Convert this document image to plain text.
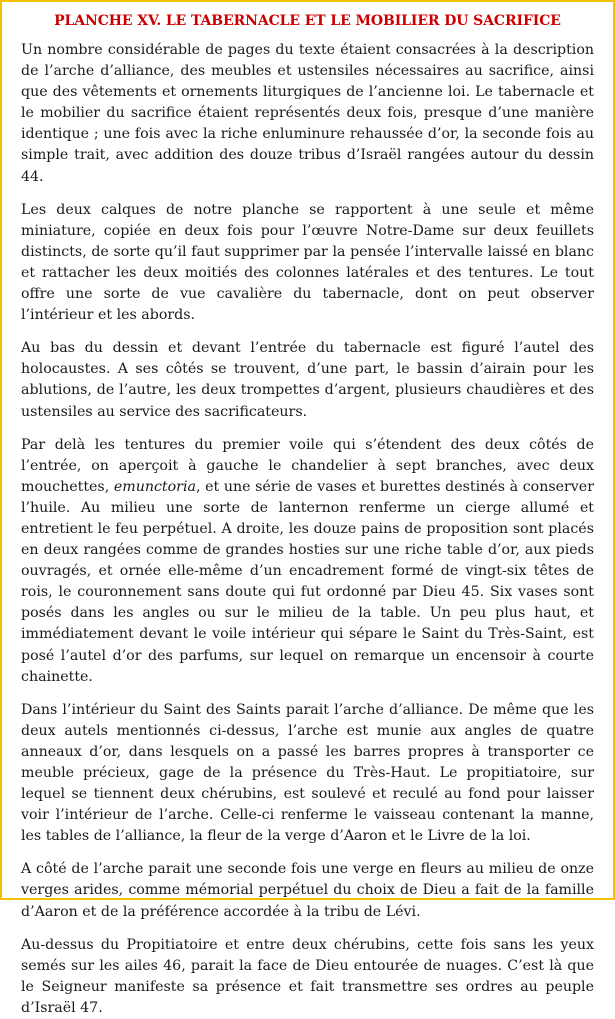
PLANCHE XV. LE TABERNACLE ET LE MOBILIER DU SACRIFICE

Un nombre considérable de pages du texte étaient consacrées à la description de l’arche d’alliance, des meubles et ustensiles nécessaires au sacrifice, ainsi que des vêtements et ornements liturgiques de l’ancienne loi. Le tabernacle et le mobilier du sacrifice étaient représentés deux fois, presque d’une manière identique ; une fois avec la riche enluminure rehaussée d’or, la seconde fois au simple trait, avec addition des douze tribus d’Israël rangées autour du dessin 44.

Les deux calques de notre planche se rapportent à une seule et même miniature, copiée en deux fois pour l’œuvre Notre-Dame sur deux feuillets distincts, de sorte qu’il faut supprimer par la pensée l’intervalle laissé en blanc et rattacher les deux moitiés des colonnes latérales et des tentures. Le tout offre une sorte de vue cavalière du tabernacle, dont on peut observer l’intérieur et les abords.

Au bas du dessin et devant l’entrée du tabernacle est figuré l’autel des holocaustes. A ses côtés se trouvent, d’une part, le bassin d’airain pour les ablutions, de l’autre, les deux trompettes d’argent, plusieurs chaudières et des ustensiles au service des sacrificateurs.

Par delà les tentures du premier voile qui s’étendent des deux côtés de l’entrée, on aperçoit à gauche le chandelier à sept branches, avec deux mouchettes, emunctoria, et une série de vases et burettes destinés à conserver l’huile. Au milieu une sorte de lanternon renferme un cierge allumé et entretient le feu perpétuel. A droite, les douze pains de proposition sont placés en deux rangées comme de grandes hosties sur une riche table d’or, aux pieds ouvragés, et ornée elle-même d’un encadrement formé de vingt-six têtes de rois, le couronnement sans doute qui fut ordonné par Dieu 45. Six vases sont posés dans les angles ou sur le milieu de la table. Un peu plus haut, et immédiatement devant le voile intérieur qui sépare le Saint du Très-Saint, est posé l’autel d’or des parfums, sur lequel on remarque un encensoir à courte chainette.

Dans l’intérieur du Saint des Saints parait l’arche d’alliance. De même que les deux autels mentionnés ci-dessus, l’arche est munie aux angles de quatre anneaux d’or, dans lesquels on a passé les barres propres à transporter ce meuble précieux, gage de la présence du Très-Haut. Le propitiatoire, sur lequel se tiennent deux chérubins, est soulevé et reculé au fond pour laisser voir l’intérieur de l’arche. Celle-ci renferme le vaisseau contenant la manne, les tables de l’alliance, la fleur de la verge d’Aaron et le Livre de la loi.

A côté de l’arche parait une seconde fois une verge en fleurs au milieu de onze verges arides, comme mémorial perpétuel du choix de Dieu a fait de la famille d’Aaron et de la préférence accordée à la tribu de Lévi.

Au-dessus du Propitiatoire et entre deux chérubins, cette fois sans les yeux semés sur les ailes 46, parait la face de Dieu entourée de nuages. C’est là que le Seigneur manifeste sa présence et fait transmettre ses ordres au peuple d’Israël 47.
